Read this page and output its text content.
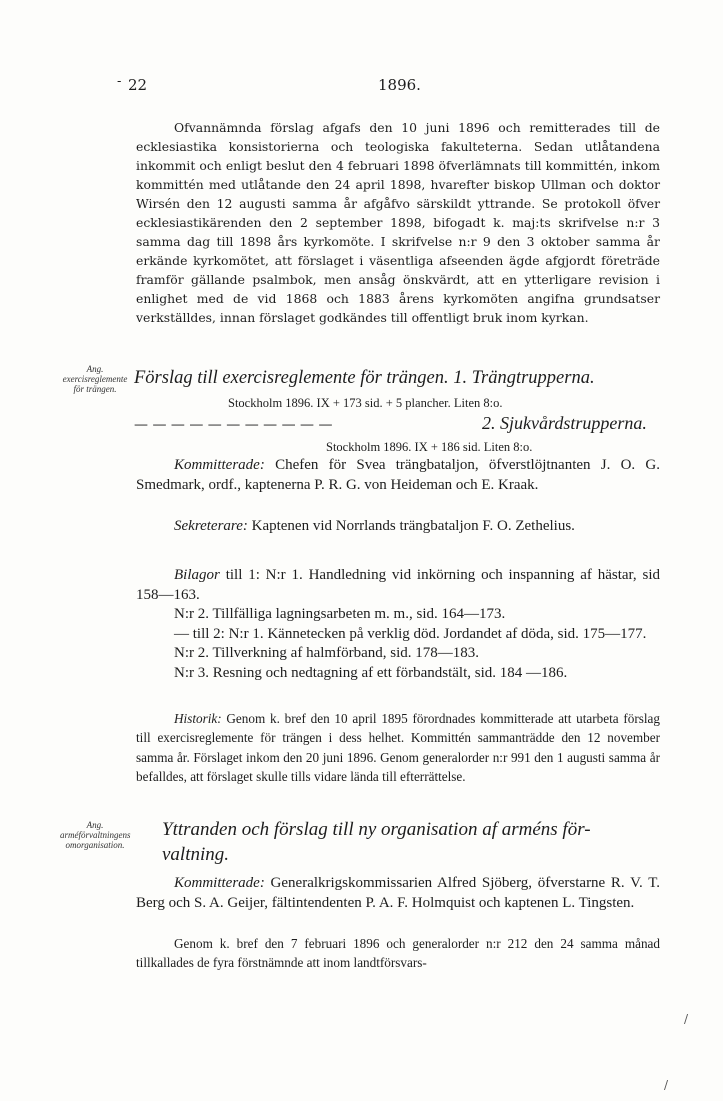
- 22	1896.

Ofvannämnda förslag afgafs den 10 juni 1896 och remitterades till de ecklesiastika konsistorierna och teologiska fakulteterna. Sedan utlåtandena inkommit och enligt beslut den 4 februari 1898 öfverlämnats till kommittén, inkom kommittén med utlåtande den 24 april 1898, hvarefter biskop Ullman och doktor Wirsén den 12 augusti samma år afgåfvo särskildt yttrande. Se protokoll öfver ecklesiastikärenden den 2 september 1898, bifogadt k. maj:ts skrifvelse n:r 3 samma dag till 1898 års kyrkomöte. I skrifvelse n:r 9 den 3 oktober samma år erkände kyrkomötet, att förslaget i väsentliga afseenden ägde afgjordt företräde framför gällande psalmbok, men ansåg önskvärdt, att en ytterligare revision i enlighet med de vid 1868 och 1883 årens kyrkomöten angifna grundsatser verkställdes, innan förslaget godkändes till offentligt bruk inom kyrkan.

Ang. exercisreglemente för trängen.
Förslag till exercisreglemente för trängen. 1. Trängtrupperna.
Stockholm 1896. IX + 173 sid. + 5 plancher. Liten 8:o.
— — — — — — — — — — —	2. Sjukvårdstrupperna.
Stockholm 1896. IX + 186 sid. Liten 8:o.

Kommitterade: Chefen för Svea trängbataljon, öfverstlöjtnanten J. O. G. Smedmark, ordf., kaptenerna P. R. G. von Heideman och E. Kraak.

Sekreterare: Kaptenen vid Norrlands trängbataljon F. O. Zethelius.

Bilagor till 1: N:r 1. Handledning vid inkörning och inspanning af hästar, sid 158—163.
N:r 2. Tillfälliga lagningsarbeten m. m., sid. 164—173.
— till 2: N:r 1. Kännetecken på verklig död. Jordandet af döda, sid. 175—177.
N:r 2. Tillverkning af halmförband, sid. 178—183.
N:r 3. Resning och nedtagning af ett förbandstält, sid. 184 —186.

Historik: Genom k. bref den 10 april 1895 förordnades kommitterade att utarbeta förslag till exercisreglemente för trängen i dess helhet. Kommittén sammanträdde den 12 november samma år. Förslaget inkom den 20 juni 1896. Genom generalorder n:r 991 den 1 augusti samma år befalldes, att förslaget skulle tills vidare lända till efterrättelse.

Ang. arméförvaltningens omorganisation.
Yttranden och förslag till ny organisation af arméns för-
valtning.

Kommitterade: Generalkrigskommissarien Alfred Sjöberg, öfverstarne R. V. T. Berg och S. A. Geijer, fältintendenten P. A. F. Holmquist och kaptenen L. Tingsten.

Genom k. bref den 7 februari 1896 och generalorder n:r 212 den 24 samma månad tillkallades de fyra förstnämnde att inom landtförsvars-

/
/
